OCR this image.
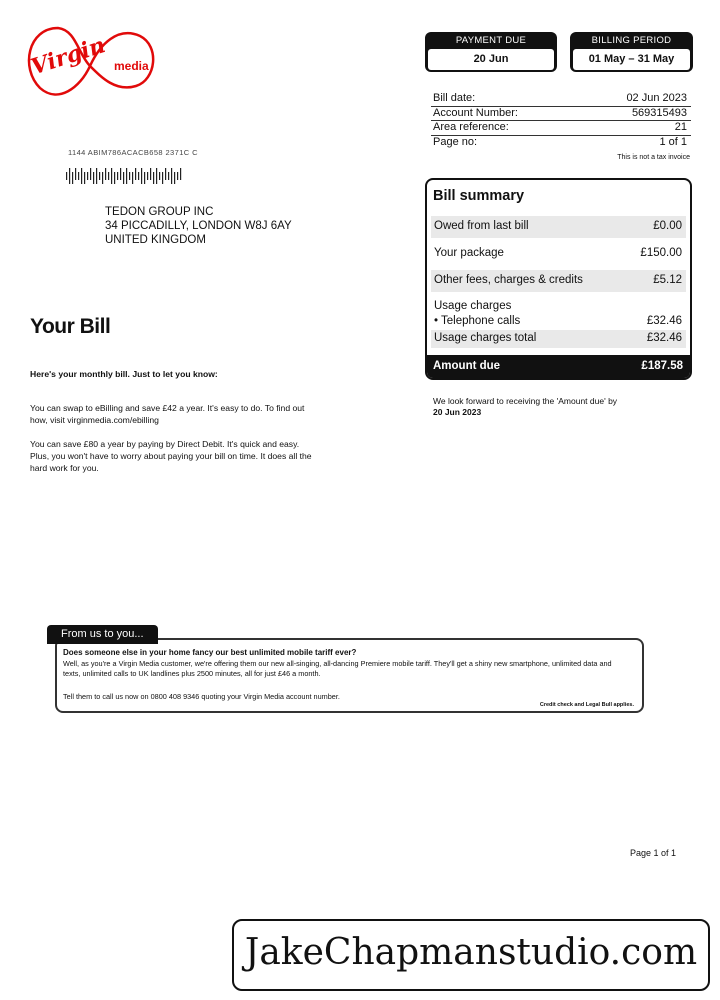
Virgin media
PAYMENT DUE
20 Jun
BILLING PERIOD
01 May – 31 May
Bill date:	02 Jun 2023
Account Number:	569315493
Area reference:	21
Page no:	1 of 1
This is not a tax invoice
1144 ABIM786ACACB658 2371C C
TEDON GROUP INC
34 PICCADILLY, LONDON W8J 6AY
UNITED KINGDOM
Bill summary
Owed from last bill	£0.00
Your package	£150.00
Other fees, charges & credits	£5.12
Usage charges
• Telephone calls	£32.46
Usage charges total	£32.46
Amount due	£187.58
We look forward to receiving the 'Amount due' by
20 Jun 2023
Your Bill
Here's your monthly bill. Just to let you know:
You can swap to eBilling and save £42 a year. It's easy to do. To find out how, visit virginmedia.com/ebilling
You can save £80 a year by paying by Direct Debit. It's quick and easy. Plus, you won't have to worry about paying your bill on time. It does all the hard work for you.
Does someone else in your home fancy our best unlimited mobile tariff ever?
Well, as you're a Virgin Media customer, we're offering them our new all-singing, all-dancing Premiere mobile tariff. They'll get a shiny new smartphone, unlimited data and texts, unlimited calls to UK landlines plus 2500 minutes, all for just £46 a month.
Tell them to call us now on 0800 408 9346 quoting your Virgin Media account number.
Credit check and Legal Bull applies.
From us to you...
Page 1 of 1
JakeChapmanstudio.com
